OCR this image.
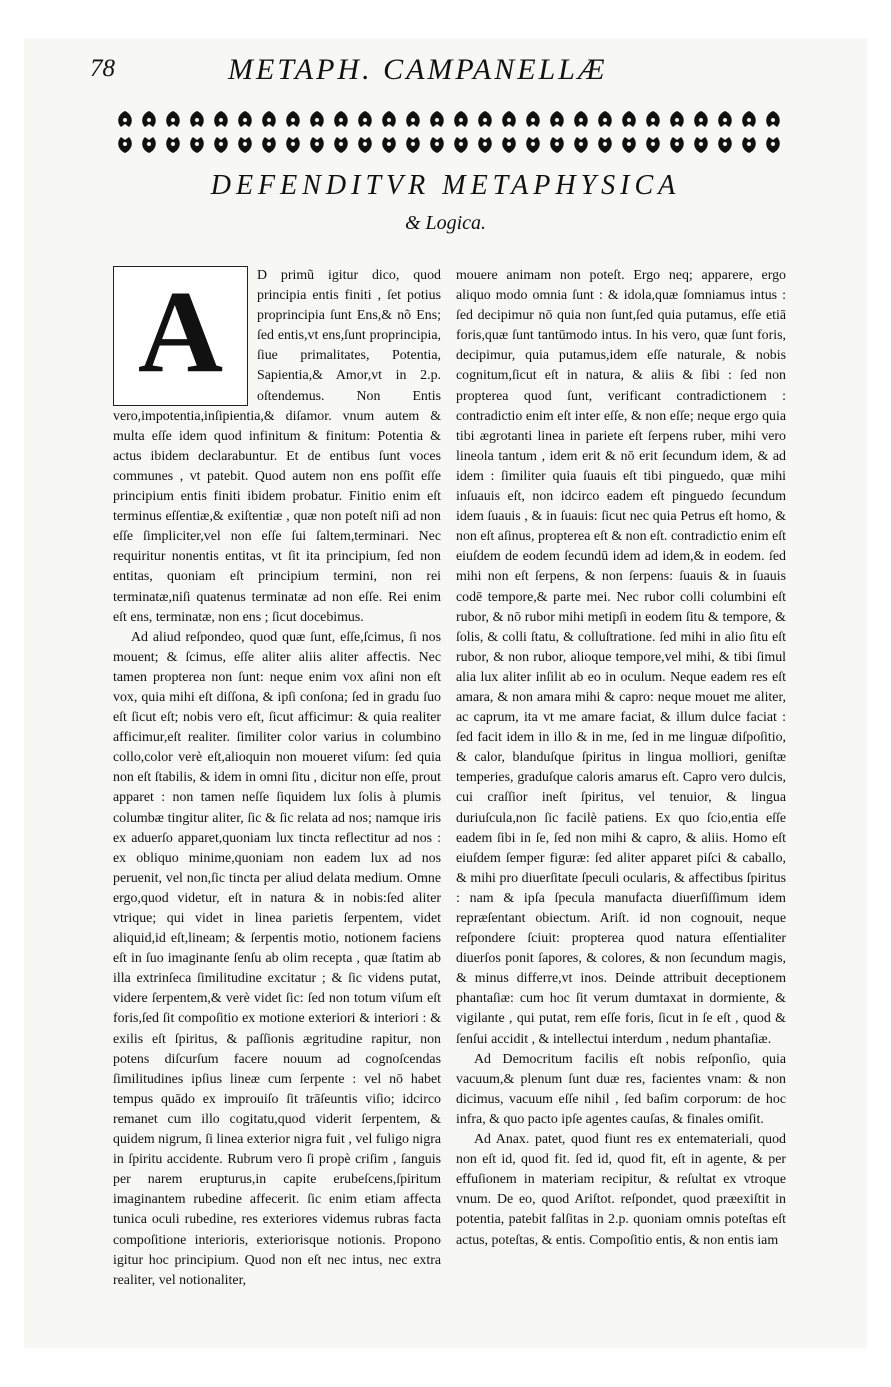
78	METAPH. CAMPANELLÆ
DEFENDITVR METAPHYSICA
& Logica.
A	D primũ igitur dico, quod principia entis finiti , ſet potius proprincipia ſunt Ens,& nõ Ens; ſed entis,vt ens,ſunt proprincipia, ſiue primalitates, Potentia, Sapientia,& Amor,vt in 2.p. oſtendemus. Non Entis vero,impotentia,inſipientia,& diſamor. vnum autem & multa eſſe idem quod infinitum & finitum: Potentia & actus ibidem declarabuntur. Et de entibus ſunt voces communes , vt patebit. Quod autem non ens poſſit eſſe principium entis finiti ibidem probatur. Finitio enim eſt terminus eſſentiæ,& exiſtentiæ , quæ non poteſt niſi ad non eſſe ſimpliciter,vel non eſſe ſui ſaltem,terminari. Nec requiritur nonentis entitas, vt ſit ita principium, ſed non entitas, quoniam eſt principium termini, non rei terminatæ,niſi quatenus terminatæ ad non eſſe. Rei enim eſt ens, terminatæ, non ens ; ſicut docebimus.

Ad aliud reſpondeo, quod quæ ſunt, eſſe,ſcimus, ſi nos mouent; & ſcimus, eſſe aliter aliis aliter affectis. Nec tamen propterea non ſunt: neque enim vox aſini non eſt vox, quia mihi eſt diſſona, & ipſi conſona; ſed in gradu ſuo eſt ſicut eſt; nobis vero eſt, ſicut afficimur: & quia realiter afficimur,eſt realiter. ſimiliter color varius in columbino collo,color verè eſt,alioquin non moueret viſum: ſed quia non eſt ſtabilis, & idem in omni ſitu , dicitur non eſſe, prout apparet : non tamen neſſe ſiquidem lux ſolis à plumis columbæ tingitur aliter, ſic & ſic relata ad nos; namque iris ex aduerſo apparet,quoniam lux tincta reflectitur ad nos : ex obliquo minime,quoniam non eadem lux ad nos peruenit, vel non,ſic tincta per aliud delata medium. Omne ergo,quod videtur, eſt in natura & in nobis:ſed aliter vtrique; qui videt in linea parietis ſerpentem, videt aliquid,id eſt,lineam; & ſerpentis motio, notionem faciens eſt in ſuo imaginante ſenſu ab olim recepta , quæ ſtatim ab illa extrinſeca ſimilitudine excitatur ; & ſic videns putat, videre ſerpentem,& verè videt ſic: ſed non totum viſum eſt foris,ſed ſit compoſitio ex motione exteriori & interiori : & exilis eſt ſpiritus, & paſſionis ægritudine rapitur, non potens diſcurſum facere nouum ad cognoſcendas ſimilitudines ipſius lineæ cum ſerpente : vel nō habet tempus quādo ex improuiſo ſit trāſeuntis viſio; idcirco remanet cum illo cogitatu,quod viderit ſerpentem, & quidem nigrum, ſi linea exterior nigra fuit , vel fuligo nigra in ſpiritu accidente. Rubrum vero ſi propè criſim , ſanguis per narem erupturus,in capite erubeſcens,ſpiritum imaginantem rubedine affecerit. ſic enim etiam affecta tunica oculi rubedine, res exteriores videmus rubras facta compoſitione interioris, exteriorisque notionis. Propono igitur hoc principium. Quod non eſt nec intus, nec extra realiter, vel notionaliter,

mouere animam non poteſt. Ergo neq; apparere, ergo aliquo modo omnia ſunt : & idola,quæ ſomniamus intus : ſed decipimur nō quia non ſunt,ſed quia putamus, eſſe etiā foris,quæ ſunt tantūmodo intus. In his vero, quæ ſunt foris, decipimur, quia putamus,idem eſſe naturale, & nobis cognitum,ſicut eſt in natura, & aliis & ſibi : ſed non propterea quod ſunt, verificant contradictionem : contradictio enim eſt inter eſſe, & non eſſe; neque ergo quia tibi ægrotanti linea in pariete eſt ſerpens ruber, mihi vero lineola tantum , idem erit & nō erit ſecundum idem, & ad idem : ſimiliter quia ſuauis eſt tibi pinguedo, quæ mihi inſuauis eſt, non idcirco eadem eſt pinguedo ſecundum idem ſuauis , & in ſuauis: ſicut nec quia Petrus eſt homo, & non eſt aſinus, propterea eſt & non eſt. contradictio enim eſt eiuſdem de eodem ſecundū idem ad idem,& in eodem. ſed mihi non eſt ſerpens, & non ſerpens: ſuauis & in ſuauis codē tempore,& parte mei. Nec rubor colli columbini eſt rubor, & nō rubor mihi metipſi in eodem ſitu & tempore, & ſolis, & colli ſtatu, & colluſtratione. ſed mihi in alio ſitu eſt rubor, & non rubor, alioque tempore,vel mihi, & tibi ſimul alia lux aliter inſilit ab eo in oculum. Neque eadem res eſt amara, & non amara mihi & capro: neque mouet me aliter, ac caprum, ita vt me amare faciat, & illum dulce faciat : ſed facit idem in illo & in me, ſed in me linguæ diſpoſitio, & calor, blanduſque ſpiritus in lingua molliori, geniſtæ temperies, graduſque caloris amarus eſt. Capro vero dulcis, cui craſſior ineſt ſpiritus, vel tenuior, & lingua duriuſcula,non ſic facilè patiens. Ex quo ſcio,entia eſſe eadem ſibi in ſe, ſed non mihi & capro, & aliis. Homo eſt eiuſdem ſemper figuræ: ſed aliter apparet piſci & caballo, & mihi pro diuerſitate ſpeculi ocularis, & affectibus ſpiritus : nam & ipſa ſpecula manufacta diuerſiſſimum idem repræſentant obiectum. Ariſt. id non cognouit, neque reſpondere ſciuit: propterea quod natura eſſentialiter diuerſos ponit ſapores, & colores, & non ſecundum magis, & minus differre,vt inos. Deinde attribuit deceptionem phantaſiæ: cum hoc ſit verum dumtaxat in dormiente, & vigilante , qui putat, rem eſſe foris, ſicut in ſe eſt , quod & ſenſui accidit , & intellectui interdum , nedum phantaſiæ.

Ad Democritum facilis eſt nobis reſponſio, quia vacuum,& plenum ſunt duæ res, facientes vnam: & non dicimus, vacuum eſſe nihil , ſed baſim corporum: de hoc infra, & quo pacto ipſe agentes cauſas, & finales omiſit.

Ad Anax. patet, quod fiunt res ex entemateriali, quod non eſt id, quod fit. ſed id, quod fit, eſt in agente, & per effuſionem in materiam recipitur, & reſultat ex vtroque vnum. De eo, quod Ariſtot. reſpondet, quod præexiſtit in potentia, patebit falſitas in 2.p. quoniam omnis poteſtas eſt actus, poteſtas, & entis. Compoſitio entis, & non entis iam
